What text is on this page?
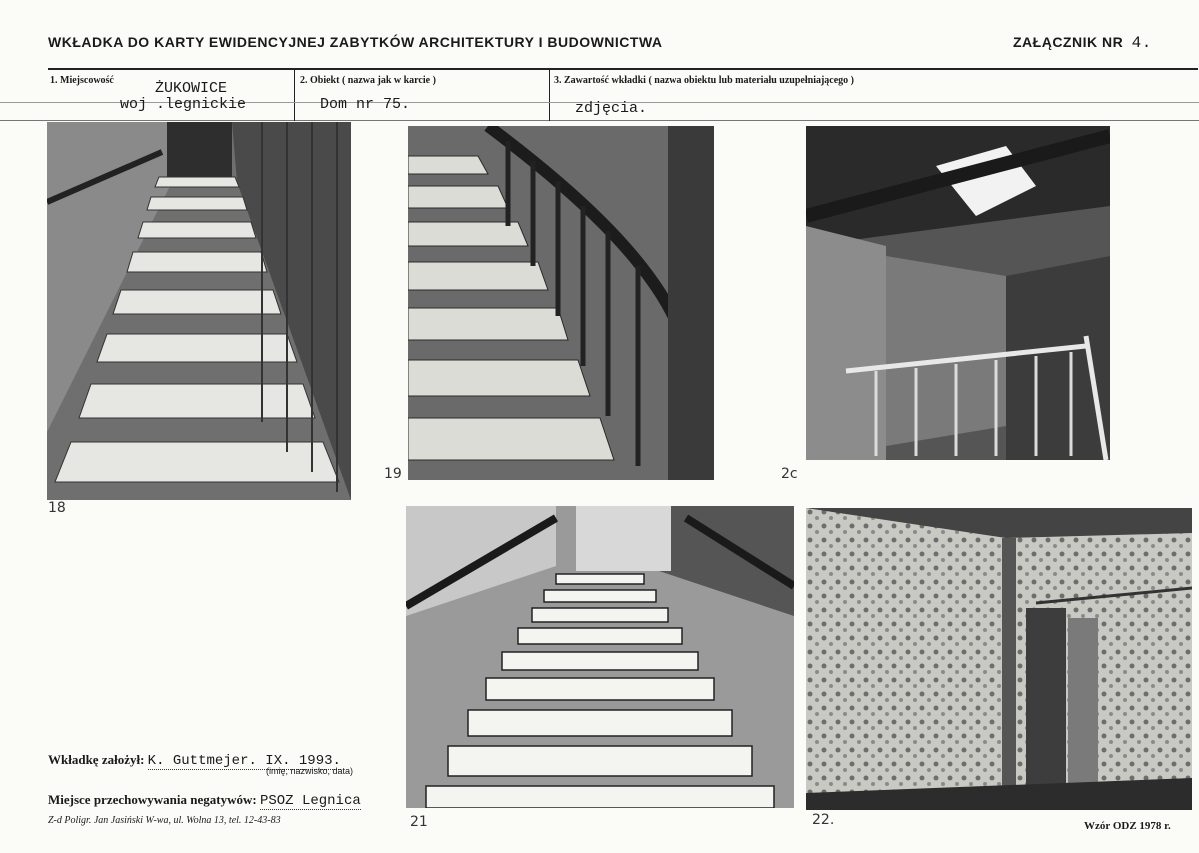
WKŁADKA DO KARTY EWIDENCYJNEJ ZABYTKÓW ARCHITEKTURY I BUDOWNICTWA	ZAŁĄCZNIK NR 4.
1. Miejscowość	ŻUKOWICE
woj .legnickie
2. Obiekt ( nazwa jak w karcie )
Dom nr 75.
3. Zawartość wkładki ( nazwa obiektu lub materiału uzupełniającego )
zdjęcia.
18
19	2c
21	22.
Wkładkę założył: K. Guttmejer. IX. 1993.
(imię, nazwisko, data)
Miejsce przechowywania negatywów: PSOZ Legnica
Z-d Poligr. Jan Jasiński W-wa, ul. Wolna 13, tel. 12-43-83	Wzór ODZ 1978 r.
